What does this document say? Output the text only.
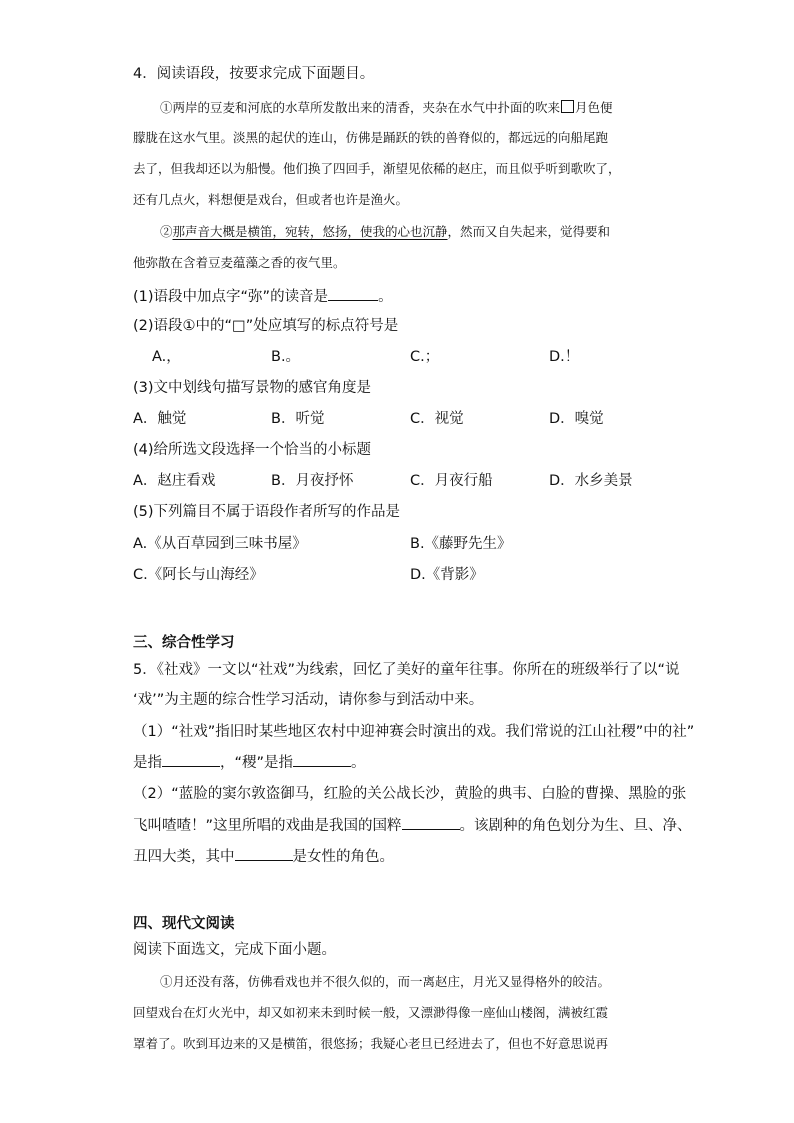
4．阅读语段，按要求完成下面题目。
①两岸的豆麦和河底的水草所发散出来的清香，夹杂在水气中扑面的吹来 月色便
朦胧在这水气里。淡黑的起伏的连山，仿佛是踊跃的铁的兽脊似的，都远远的向船尾跑
去了，但我却还以为船慢。他们换了四回手，渐望见依稀的赵庄，而且似乎听到歌吹了，
还有几点火，料想便是戏台，但或者也许是渔火。
②那声音大概是横笛，宛转，悠扬，使我的心也沉静，然而又自失起来，觉得要和
他弥散在含着豆麦蕴藻之香的夜气里。
(1)语段中加点字“弥”的读音是	。
(2)语段①中的“□”处应填写的标点符号是
A.，	B.。	C.；	D.！
(3)文中划线句描写景物的感官角度是
A．触觉	B．听觉	C．视觉	D．嗅觉
(4)给所选文段选择一个恰当的小标题
A．赵庄看戏	B．月夜抒怀	C．月夜行船	D．水乡美景
(5)下列篇目不属于语段作者所写的作品是
A.《从百草园到三味书屋》	B.《藤野先生》
C.《阿长与山海经》	D.《背影》
三、综合性学习
5．《社戏》一文以“社戏”为线索，回忆了美好的童年往事。你所在的班级举行了以“说
‘戏’”为主题的综合性学习活动，请你参与到活动中来。
（1）“社戏”指旧时某些地区农村中迎神赛会时演出的戏。我们常说的江山社稷”中的社”
是指	，“稷”是指	。
（2）“蓝脸的窦尔敦盗御马，红脸的关公战长沙，黄脸的典韦、白脸的曹操、黑脸的张
飞叫喳喳！”这里所唱的戏曲是我国的国粹	。该剧种的角色划分为生、旦、净、
丑四大类，其中	是女性的角色。
四、现代文阅读
阅读下面选文，完成下面小题。
①月还没有落，仿佛看戏也并不很久似的，而一离赵庄，月光又显得格外的皎洁。
回望戏台在灯火光中，却又如初来未到时候一般，又漂渺得像一座仙山楼阁，满被红霞
罩着了。吹到耳边来的又是横笛，很悠扬；我疑心老旦已经进去了，但也不好意思说再
